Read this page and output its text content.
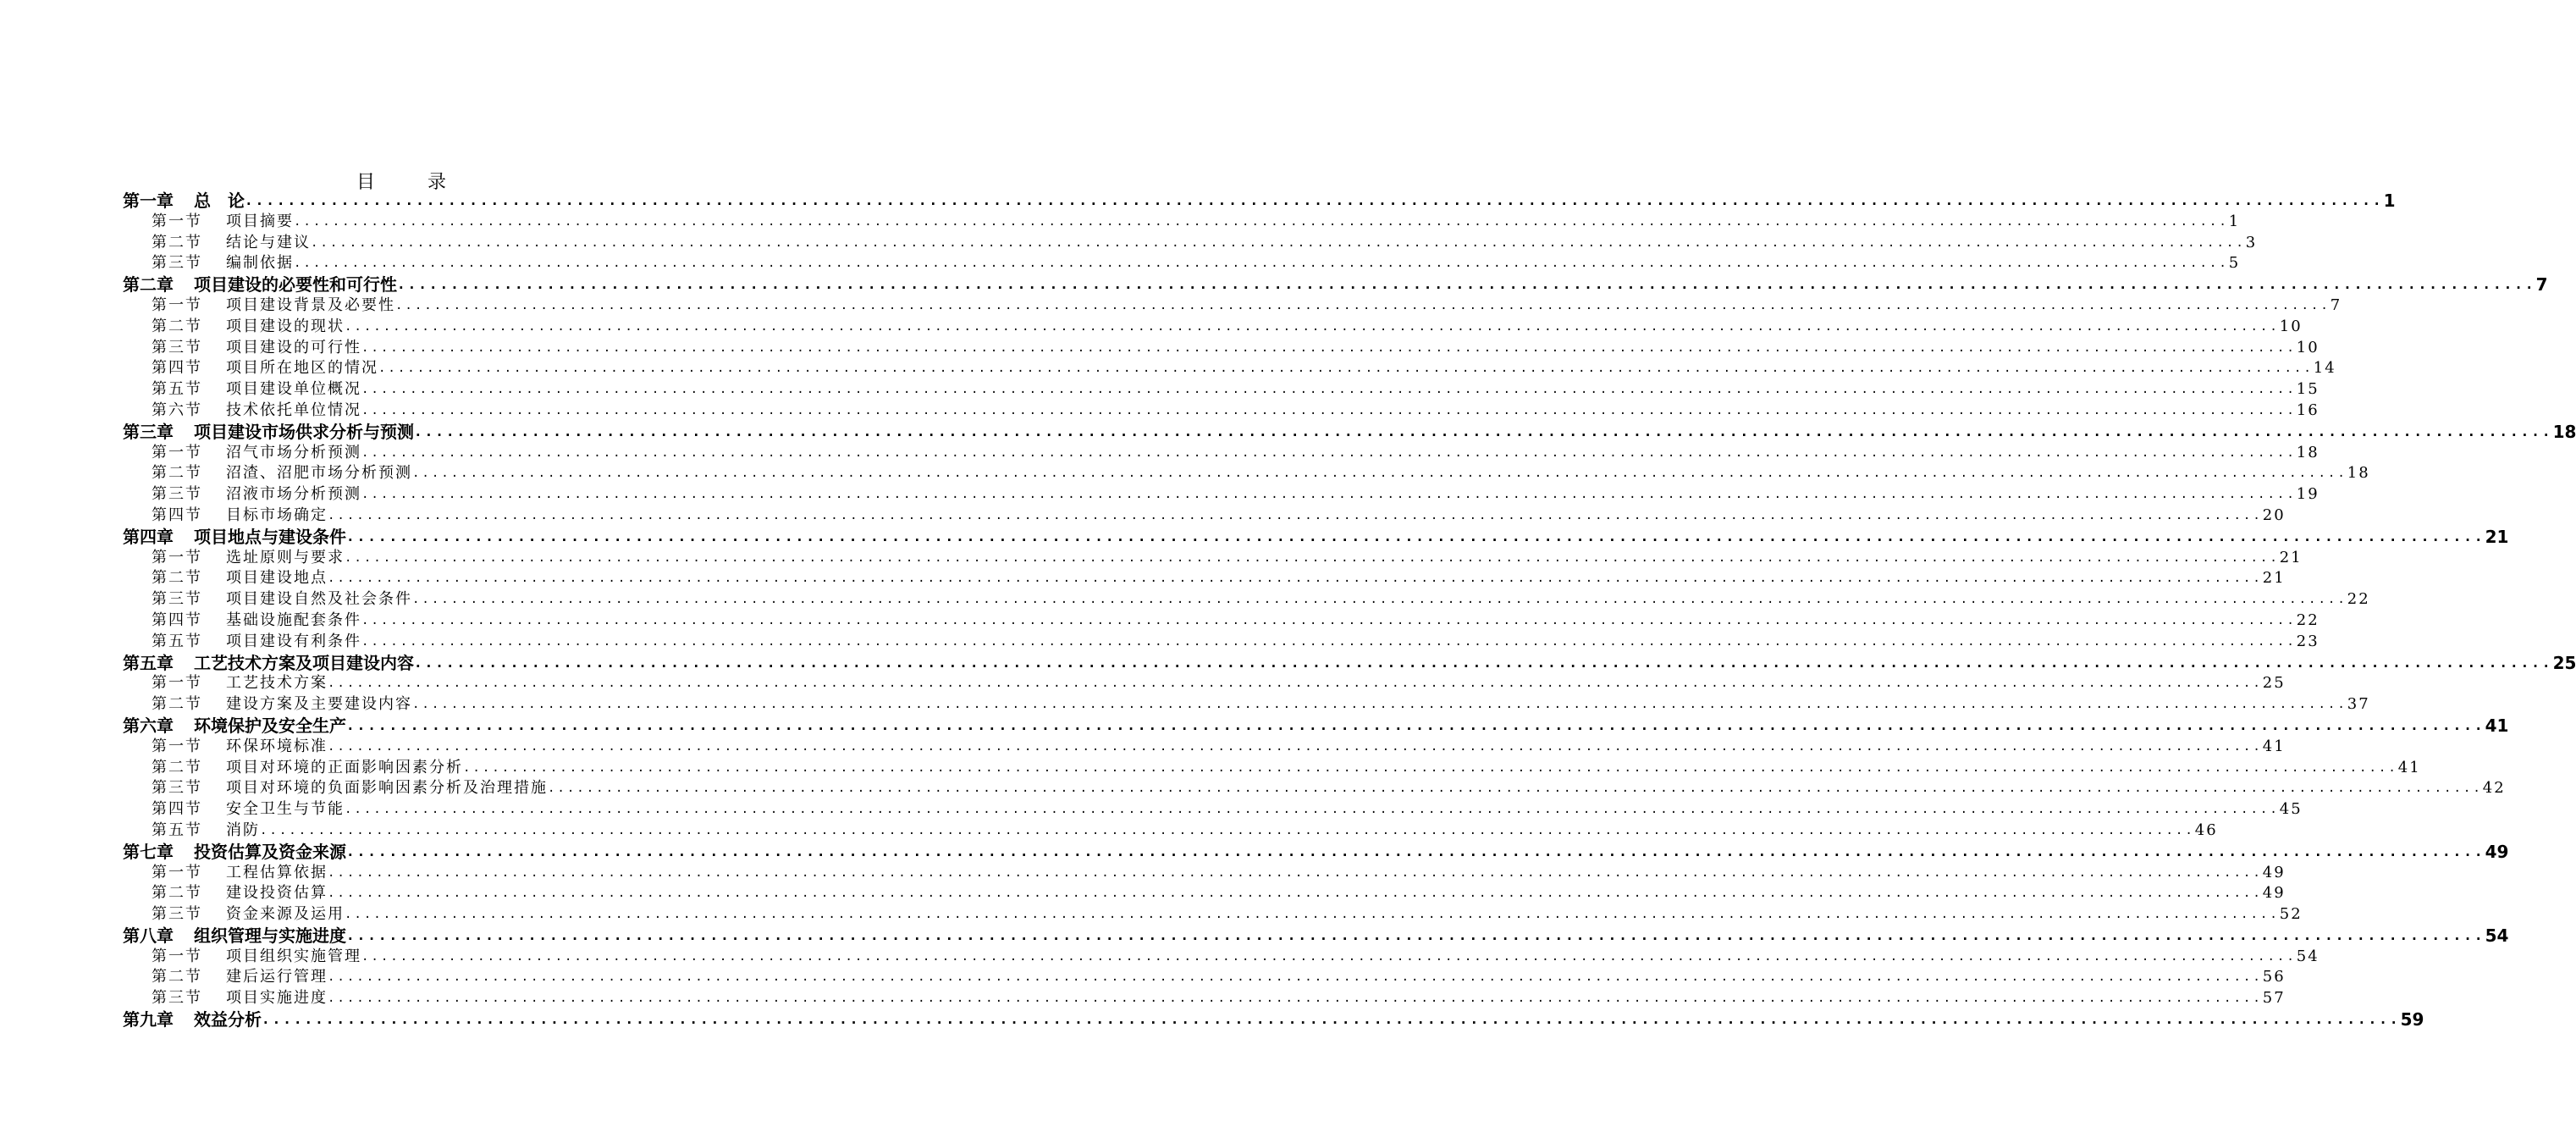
目	录
第一章 总　论 ........................................................................................................................................................................................................ 1
第一节 项目摘要 ........................................................................................................................................................................................................ 1
第二节 结论与建议 ........................................................................................................................................................................................................ 3
第三节 编制依据 ........................................................................................................................................................................................................ 5
第二章 项目建设的必要性和可行性 ........................................................................................................................................................................................................ 7
第一节 项目建设背景及必要性 ........................................................................................................................................................................................................ 7
第二节 项目建设的现状 ........................................................................................................................................................................................................ 10
第三节 项目建设的可行性 ........................................................................................................................................................................................................ 10
第四节 项目所在地区的情况 ........................................................................................................................................................................................................ 14
第五节 项目建设单位概况 ........................................................................................................................................................................................................ 15
第六节 技术依托单位情况 ........................................................................................................................................................................................................ 16
第三章 项目建设市场供求分析与预测 ........................................................................................................................................................................................................ 18
第一节 沼气市场分析预测 ........................................................................................................................................................................................................ 18
第二节 沼渣、沼肥市场分析预测 ........................................................................................................................................................................................................ 18
第三节 沼液市场分析预测 ........................................................................................................................................................................................................ 19
第四节 目标市场确定 ........................................................................................................................................................................................................ 20
第四章 项目地点与建设条件 ........................................................................................................................................................................................................ 21
第一节 选址原则与要求 ........................................................................................................................................................................................................ 21
第二节 项目建设地点 ........................................................................................................................................................................................................ 21
第三节 项目建设自然及社会条件 ........................................................................................................................................................................................................ 22
第四节 基础设施配套条件 ........................................................................................................................................................................................................ 22
第五节 项目建设有利条件 ........................................................................................................................................................................................................ 23
第五章 工艺技术方案及项目建设内容 ........................................................................................................................................................................................................ 25
第一节 工艺技术方案 ........................................................................................................................................................................................................ 25
第二节 建设方案及主要建设内容 ........................................................................................................................................................................................................ 37
第六章 环境保护及安全生产 ........................................................................................................................................................................................................ 41
第一节 环保环境标准 ........................................................................................................................................................................................................ 41
第二节 项目对环境的正面影响因素分析 ........................................................................................................................................................................................................ 41
第三节 项目对环境的负面影响因素分析及治理措施 ........................................................................................................................................................................................................ 42
第四节 安全卫生与节能 ........................................................................................................................................................................................................ 45
第五节 消防 ........................................................................................................................................................................................................ 46
第七章 投资估算及资金来源 ........................................................................................................................................................................................................ 49
第一节 工程估算依据 ........................................................................................................................................................................................................ 49
第二节 建设投资估算 ........................................................................................................................................................................................................ 49
第三节 资金来源及运用 ........................................................................................................................................................................................................ 52
第八章 组织管理与实施进度 ........................................................................................................................................................................................................ 54
第一节 项目组织实施管理 ........................................................................................................................................................................................................ 54
第二节 建后运行管理 ........................................................................................................................................................................................................ 56
第三节 项目实施进度 ........................................................................................................................................................................................................ 57
第九章 效益分析 ........................................................................................................................................................................................................ 59
